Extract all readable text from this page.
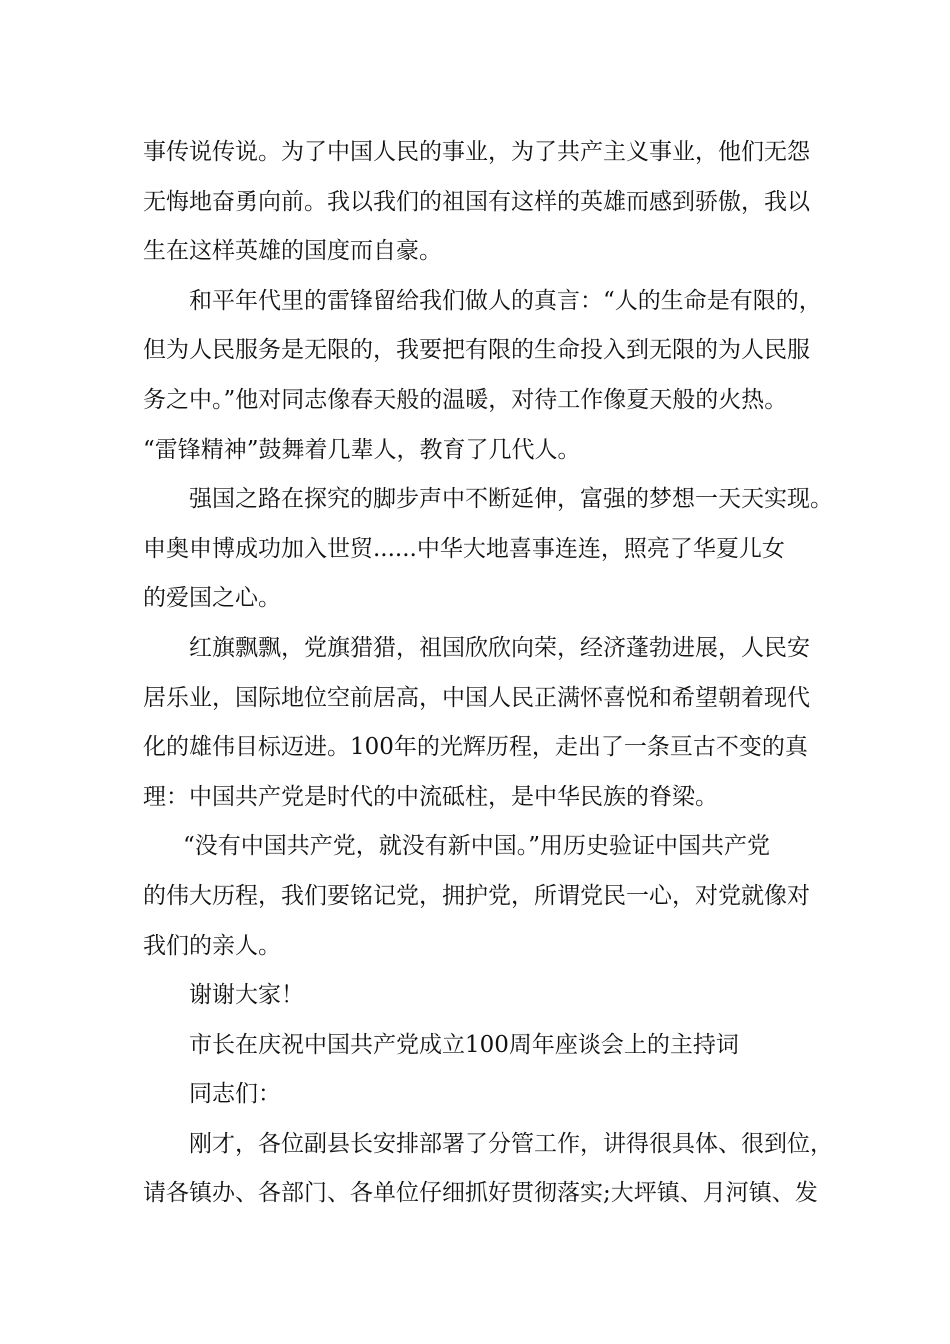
事传说传说。为了中国人民的事业，为了共产主义事业，他们无怨
无悔地奋勇向前。我以我们的祖国有这样的英雄而感到骄傲，我以
生在这样英雄的国度而自豪。
和平年代里的雷锋留给我们做人的真言：“人的生命是有限的，
但为人民服务是无限的，我要把有限的生命投入到无限的为人民服
务之中。”他对同志像春天般的温暖，对待工作像夏天般的火热。
“雷锋精神”鼓舞着几辈人，教育了几代人。
强国之路在探究的脚步声中不断延伸，富强的梦想一天天实现。
申奥申博成功加入世贸......中华大地喜事连连，照亮了华夏儿女
的爱国之心。
红旗飘飘，党旗猎猎，祖国欣欣向荣，经济蓬勃进展，人民安
居乐业，国际地位空前居高，中国人民正满怀喜悦和希望朝着现代
化的雄伟目标迈进。100年的光辉历程，走出了一条亘古不变的真
理：中国共产党是时代的中流砥柱，是中华民族的脊梁。
“没有中国共产党，就没有新中国。”用历史验证中国共产党
的伟大历程，我们要铭记党，拥护党，所谓党民一心，对党就像对
我们的亲人。
谢谢大家！
市长在庆祝中国共产党成立100周年座谈会上的主持词
同志们：
刚才，各位副县长安排部署了分管工作，讲得很具体、很到位，
请各镇办、各部门、各单位仔细抓好贯彻落实;大坪镇、月河镇、发
